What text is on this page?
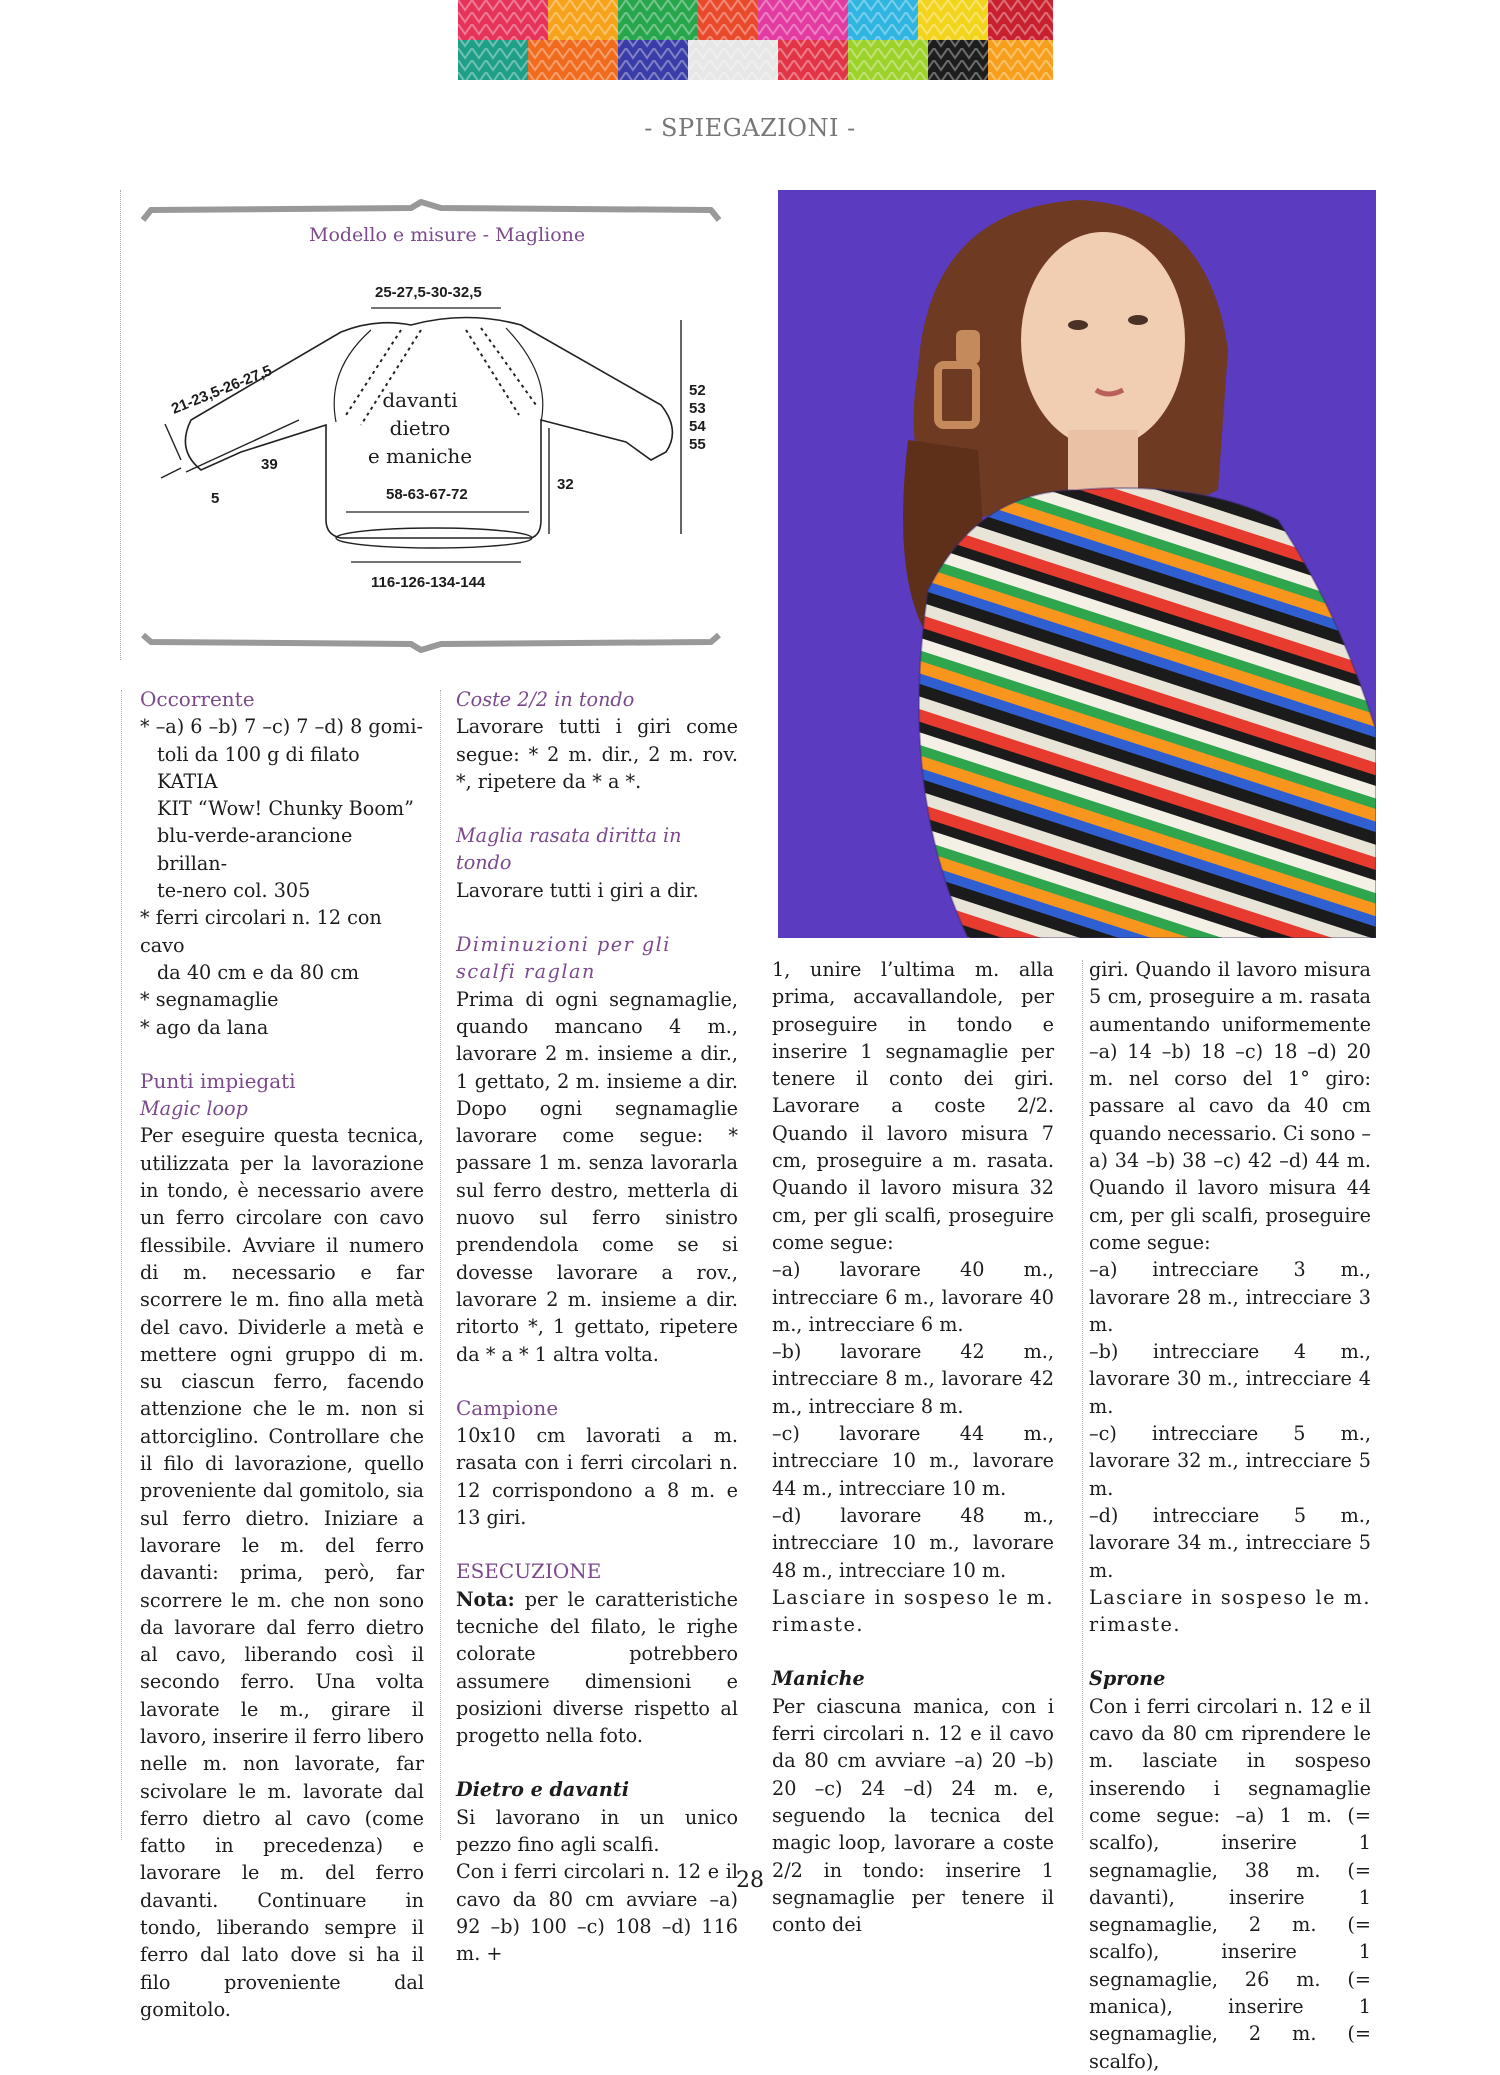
- SPIEGAZIONI -
Modello e misure - Maglione
25-27,5-30-32,5
21-23,5-26-27,5
39
5
davanti
dietro
e maniche
58-63-67-72
32
52
53
54
55
116-126-134-144

Occorrente

* –a) 6 –b) 7 –c) 7 –d) 8 gomi-

toli da 100 g di filato KATIA

KIT “Wow! Chunky Boom”

blu-verde-arancione brillan-

te-nero col. 305

* ferri circolari n. 12 con cavo

da 40 cm e da 80 cm

* segnamaglie

* ago da lana

Punti impiegati

Magic loop

Per eseguire questa tecnica, utilizzata per la lavorazione in tondo, è necessario avere un ferro circolare con cavo flessibile. Avviare il numero di m. necessario e far scorrere le m. fino alla metà del cavo. Dividerle a metà e mettere ogni gruppo di m. su ciascun ferro, facendo attenzione che le m. non si attorciglino. Controllare che il filo di lavorazione, quello proveniente dal gomitolo, sia sul ferro dietro. Iniziare a lavorare le m. del ferro davanti: prima, però, far scorrere le m. che non sono da lavorare dal ferro dietro al cavo, liberando così il secondo ferro. Una volta lavorate le m., girare il lavoro, inserire il ferro libero nelle m. non lavorate, far scivolare le m. lavorate dal ferro dietro al cavo (come fatto in precedenza) e lavorare le m. del ferro davanti. Continuare in tondo, liberando sempre il ferro dal lato dove si ha il filo proveniente dal gomitolo.

Coste 2/2 in tondo

Lavorare tutti i giri come segue: * 2 m. dir., 2 m. rov. *, ripetere da * a *.

Maglia rasata diritta in tondo

Lavorare tutti i giri a dir.

Diminuzioni per gli scalfi raglan

Prima di ogni segnamaglie, quando mancano 4 m., lavorare 2 m. insieme a dir., 1 gettato, 2 m. insieme a dir. Dopo ogni segnamaglie lavorare come segue: * passare 1 m. senza lavorarla sul ferro destro, metterla di nuovo sul ferro sinistro prendendola come se si dovesse lavorare a rov., lavorare 2 m. insieme a dir. ritorto *, 1 gettato, ripetere da * a * 1 altra volta.

Campione

10x10 cm lavorati a m. rasata con i ferri circolari n. 12 corrispondono a 8 m. e 13 giri.

ESECUZIONE

Nota: per le caratteristiche tecniche del filato, le righe colorate potrebbero assumere dimensioni e posizioni diverse rispetto al progetto nella foto.

Dietro e davanti

Si lavorano in un unico pezzo fino agli scalfi.

Con i ferri circolari n. 12 e il cavo da 80 cm avviare –a) 92 –b) 100 –c) 108 –d) 116 m. +

1, unire l’ultima m. alla prima, accavallandole, per proseguire in tondo e inserire 1 segnamaglie per tenere il conto dei giri. Lavorare a coste 2/2. Quando il lavoro misura 7 cm, proseguire a m. rasata. Quando il lavoro misura 32 cm, per gli scalfi, proseguire come segue:

–a) lavorare 40 m., intrecciare 6 m., lavorare 40 m., intrecciare 6 m.

–b) lavorare 42 m., intrecciare 8 m., lavorare 42 m., intrecciare 8 m.

–c) lavorare 44 m., intrecciare 10 m., lavorare 44 m., intrecciare 10 m.

–d) lavorare 48 m., intrecciare 10 m., lavorare 48 m., intrecciare 10 m.

Lasciare in sospeso le m. rimaste.

Maniche

Per ciascuna manica, con i ferri circolari n. 12 e il cavo da 80 cm avviare –a) 20 –b) 20 –c) 24 –d) 24 m. e, seguendo la tecnica del magic loop, lavorare a coste 2/2 in tondo: inserire 1 segnamaglie per tenere il conto dei

giri. Quando il lavoro misura 5 cm, proseguire a m. rasata aumentando uniformemente –a) 14 –b) 18 –c) 18 –d) 20 m. nel corso del 1° giro: passare al cavo da 40 cm quando necessario. Ci sono –a) 34 –b) 38 –c) 42 –d) 44 m. Quando il lavoro misura 44 cm, per gli scalfi, proseguire come segue:

–a) intrecciare 3 m., lavorare 28 m., intrecciare 3 m.

–b) intrecciare 4 m., lavorare 30 m., intrecciare 4 m.

–c) intrecciare 5 m., lavorare 32 m., intrecciare 5 m.

–d) intrecciare 5 m., lavorare 34 m., intrecciare 5 m.

Lasciare in sospeso le m. rimaste.

Sprone

Con i ferri circolari n. 12 e il cavo da 80 cm riprendere le m. lasciate in sospeso inserendo i segnamaglie come segue: –a) 1 m. (= scalfo), inserire 1 segnamaglie, 38 m. (= davanti), inserire 1 segnamaglie, 2 m. (= scalfo), inserire 1 segnamaglie, 26 m. (= manica), inserire 1 segnamaglie, 2 m. (= scalfo),

28
